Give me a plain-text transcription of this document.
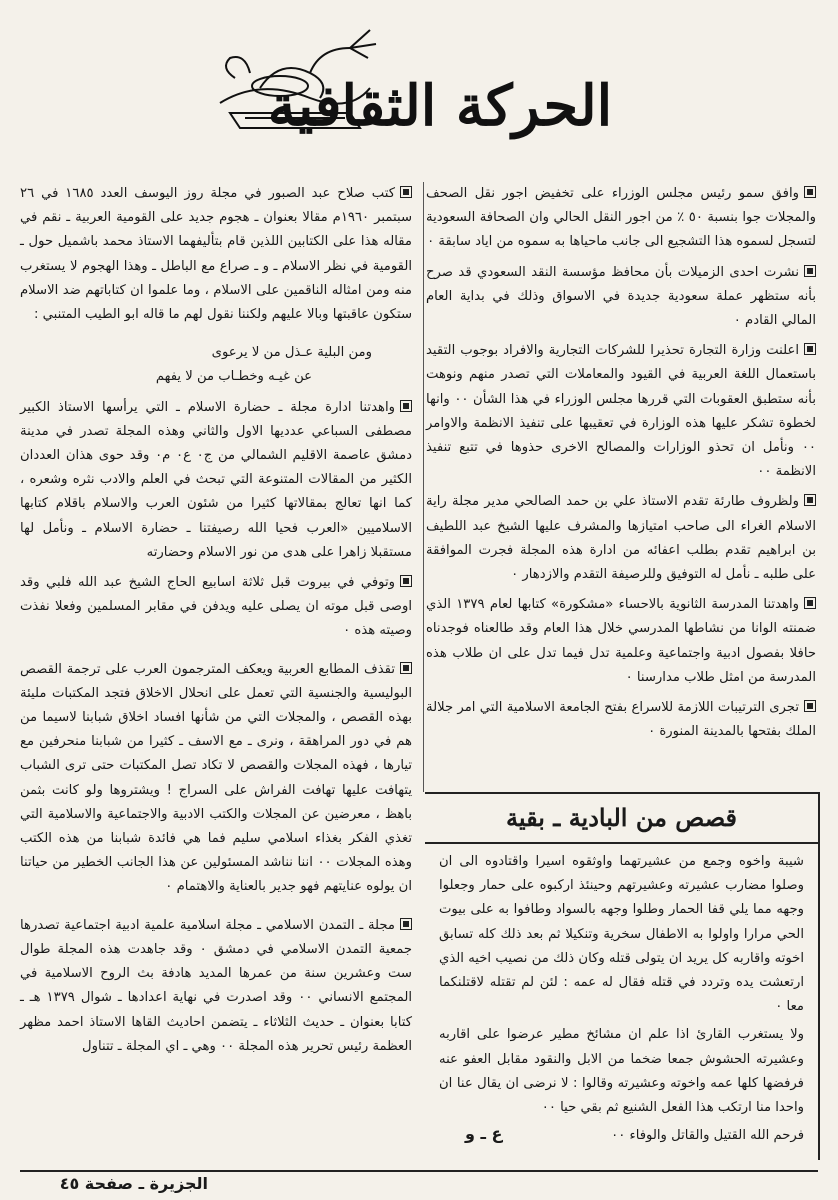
الحركة الثقافية

وافق سمو رئيس مجلس الوزراء على تخفيض اجور نقل الصحف والمجلات جوا بنسبة ٥٠ ٪ من اجور النقل الحالي وان الصحافة السعودية لتسجل لسموه هذا التشجيع الى جانب ماحياها به سموه من اياد سابقة ٠

نشرت احدى الزميلات بأن محافظ مؤسسة النقد السعودي قد صرح بأنه ستظهر عملة سعودية جديدة في الاسواق وذلك في بداية العام المالي القادم ٠

اعلنت وزارة التجارة تحذيرا للشركات التجارية والافراد بوجوب التقيد باستعمال اللغة العربية في القيود والمعاملات التي تصدر منهم ونوهت بأنه ستطبق العقوبات التي قررها مجلس الوزراء في هذا الشأن ٠٠ وانها لخطوة تشكر عليها هذه الوزارة في تعقيبها على تنفيذ الانظمة والاوامر ٠٠ ونأمل ان تحذو الوزارات والمصالح الاخرى حذوها في تتبع تنفيذ الانظمة ٠٠

ولظروف طارئة تقدم الاستاذ علي بن حمد الصالحي مدير مجلة راية الاسلام الغراء الى صاحب امتيازها والمشرف عليها الشيخ عبد اللطيف بن ابراهيم تقدم بطلب اعفائه من ادارة هذه المجلة فجرت الموافقة على طلبه ـ نأمل له التوفيق وللرصيفة التقدم والازدهار ٠

واهدتنا المدرسة الثانوية بالاحساء «مشكورة» كتابها لعام ١٣٧٩ الذي ضمنته الوانا من نشاطها المدرسي خلال هذا العام وقد طالعناه فوجدناه حافلا بفصول ادبية واجتماعية وعلمية تدل فيما تدل على ان طلاب هذه المدرسة من امثل طلاب مدارسنا ٠

تجرى الترتيبات اللازمة للاسراع بفتح الجامعة الاسلامية التي امر جلالة الملك بفتحها بالمدينة المنورة ٠

كتب صلاح عبد الصبور في مجلة روز اليوسف العدد ١٦٨٥ في ٢٦ سبتمبر ١٩٦٠م مقالا بعنوان ـ هجوم جديد على القومية العربية ـ نقم في مقاله هذا على الكتابين اللذين قام بتأليفهما الاستاذ محمد باشميل حول ـ القومية في نظر الاسلام ـ و ـ صراع مع الباطل ـ وهذا الهجوم لا يستغرب منه ومن امثاله الناقمين على الاسلام ، وما علموا ان كتاباتهم ضد الاسلام ستكون عاقبتها وبالا عليهم ولكننا نقول لهم ما قاله ابو الطيب المتنبي :

ومن البلية عـذل من لا يرعوى
عن غيـه وخطـاب من لا يفهم

واهدتنا ادارة مجلة ـ حضارة الاسلام ـ التي يرأسها الاستاذ الكبير مصطفى السباعي عدديها الاول والثاني وهذه المجلة تصدر في مدينة دمشق عاصمة الاقليم الشمالي من ج٠ ع٠ م٠ وقد حوى هذان العددان الكثير من المقالات المتنوعة التي تبحث في العلم والادب نثره وشعره ، كما انها تعالج بمقالاتها كثيرا من شئون العرب والاسلام باقلام كتابها الاسلاميين «العرب فحيا الله رصيفتنا ـ حضارة الاسلام ـ ونأمل لها مستقبلا زاهرا على هدى من نور الاسلام وحضارته

وتوفي في بيروت قبل ثلاثة اسابيع الحاج الشيخ عبد الله فلبي وقد اوصى قبل موته ان يصلى عليه ويدفن في مقابر المسلمين وفعلا نفذت وصيته هذه ٠

تقذف المطابع العربية ويعكف المترجمون العرب على ترجمة القصص البوليسية والجنسية التي تعمل على انحلال الاخلاق فتجد المكتبات مليئة بهذه القصص ، والمجلات التي من شأنها افساد اخلاق شبابنا لاسيما من هم في دور المراهقة ، ونرى ـ مع الاسف ـ كثيرا من شبابنا منحرفين مع تيارها ، فهذه المجلات والقصص لا تكاد تصل المكتبات حتى ترى الشباب يتهافت عليها تهافت الفراش على السراج ! ويشتروها ولو كانت بثمن باهظ ، معرضين عن المجلات والكتب الادبية والاجتماعية والاسلامية التي تغذي الفكر بغذاء اسلامي سليم فما هي فائدة شبابنا من هذه الكتب وهذه المجلات ٠٠ اننا نناشد المسئولين عن هذا الجانب الخطير من حياتنا ان يولوه عنايتهم فهو جدير بالعناية والاهتمام ٠

مجلة ـ التمدن الاسلامي ـ مجلة اسلامية علمية ادبية اجتماعية تصدرها جمعية التمدن الاسلامي في دمشق ٠ وقد جاهدت هذه المجلة طوال ست وعشرين سنة من عمرها المديد هادفة بث الروح الاسلامية في المجتمع الانساني ٠٠ وقد اصدرت في نهاية اعدادها ـ شوال ١٣٧٩ هـ ـ كتابا بعنوان ـ حديث الثلاثاء ـ يتضمن احاديث القاها الاستاذ احمد مظهر العظمة رئيس تحرير هذه المجلة ٠٠ وهي ـ اي المجلة ـ تتناول

قصص من البادية ـ بقية

شيبة واخوه وجمع من عشيرتهما واوثقوه اسيرا واقتادوه الى ان وصلوا مضارب عشيرته وعشيرتهم وحينئذ اركبوه على حمار وجعلوا وجهه مما يلي قفا الحمار وطلوا وجهه بالسواد وطافوا به على بيوت الحي مرارا واولوا به الاطفال سخرية وتنكيلا ثم بعد ذلك كله تسابق اخوته واقاربه كل يريد ان يتولى قتله وكان ذلك من نصيب اخيه الذي ارتعشت يده وتردد في قتله فقال له عمه : لئن لم تقتله لاقتلنكما معا ٠

ولا يستغرب القارئ اذا علم ان مشائخ مطير عرضوا على اقاربه وعشيرته الحشوش جمعا ضخما من الابل والنقود مقابل العفو عنه فرفضها كلها عمه واخوته وعشيرته وقالوا : لا نرضى ان يقال عنا ان واحدا منا ارتكب هذا الفعل الشنيع ثم بقي حيا ٠٠

فرحم الله القتيل والقاتل والوفاء ٠٠

ع ـ و
الجزيرة ـ صفحة ٤٥
